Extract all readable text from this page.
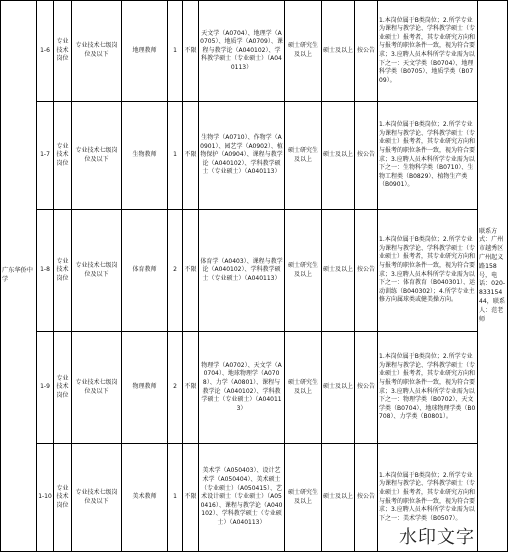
广东华侨中学	1-6	专业技术岗位	专业技术七级岗位及以下	地理教师	1	不限	天文学（A0704）、地理学（A0705）、地质学（A0709）、课程与教学论（A040102）、学科教学硕士（专业硕士）（A040113）	硕士研究生及以上	硕士及以上	按公告	1.本岗位属于B类岗位；2.所学专业为课程与教学论、学科教学硕士（专业硕士）报考者，其专业研究方向和与报考的职位条件一致，视为符合要求；3.应聘人员本科所学专业需为以下之一：天文学类（B0704）、地理科学类（B0705）、地质学类（B0709）。	联系方式：广州市越秀区广州起义路158号，电话：020-83315444，联系人：范老师
	1-7	专业技术岗位	专业技术七级岗位及以下	生物教师	1	不限	生物学（A0710）、作物学（A0901）、园艺学（A0902）、植物保护（A0904）、课程与教学论（A040102）、学科教学硕士（专业硕士）（A040113）	硕士研究生及以上	硕士及以上	按公告	1.本岗位属于B类岗位；2.所学专业为课程与教学论、学科教学硕士（专业硕士）报考者，其专业研究方向和与报考的职位条件一致，视为符合要求；3.应聘人员本科所学专业需为以下之一：生物科学类（B0710）、生物工程类（B0829）、植物生产类（B0901）。	
	1-8	专业技术岗位	专业技术七级岗位及以下	体育教师	2	不限	体育学（A0403）、课程与教学论（A040102）、学科教学硕士（专业硕士）（A040113）	硕士研究生及以上	硕士及以上	按公告	1.本岗位属于B类岗位；2.所学专业为课程与教学论、学科教学硕士（专业硕士）报考者，其专业研究方向和与报考的职位条件一致，视为符合要求；3.应聘人员本科所学专业需为以下之一：体育教育（B040301）、运动训练（B040302）；4.所学专业主修方向属球类或健美操方向。	
	1-9	专业技术岗位	专业技术七级岗位及以下	物理教师	2	不限	物理学（A0702）、天文学（A0704）、地球物理学（A0708）、力学（A0801）、课程与教学论（A040102）、学科教学硕士（专业硕士）（A040113）	硕士研究生及以上	硕士及以上	按公告	1.本岗位属于B类岗位；2.所学专业为课程与教学论、学科教学硕士（专业硕士）报考者，其专业研究方向和与报考的职位条件一致，视为符合要求；3.应聘人员本科所学专业需为以下之一：物理学类（B0702）、天文学类（B0704）、地球物理学类（B0708）、力学类（B0801）。	
	1-10	专业技术岗位	专业技术七级岗位及以下	美术教师	1	不限	美术学（A050403）、设计艺术学（A050404）、美术硕士（专业硕士）（A050415）、艺术设计硕士（专业硕士）（A050416）、课程与教学论（A040102）、学科教学硕士（专业硕士）（A040113）	硕士研究生及以上	硕士及以上	按公告	1.本岗位属于B类岗位；2.所学专业为课程与教学论、学科教学硕士（专业硕士）报考者，其专业研究方向和与报考的职位条件一致，视为符合要求；3.应聘人员本科所学专业需为以下之一：美术学类（B0507）。	
水印文字
